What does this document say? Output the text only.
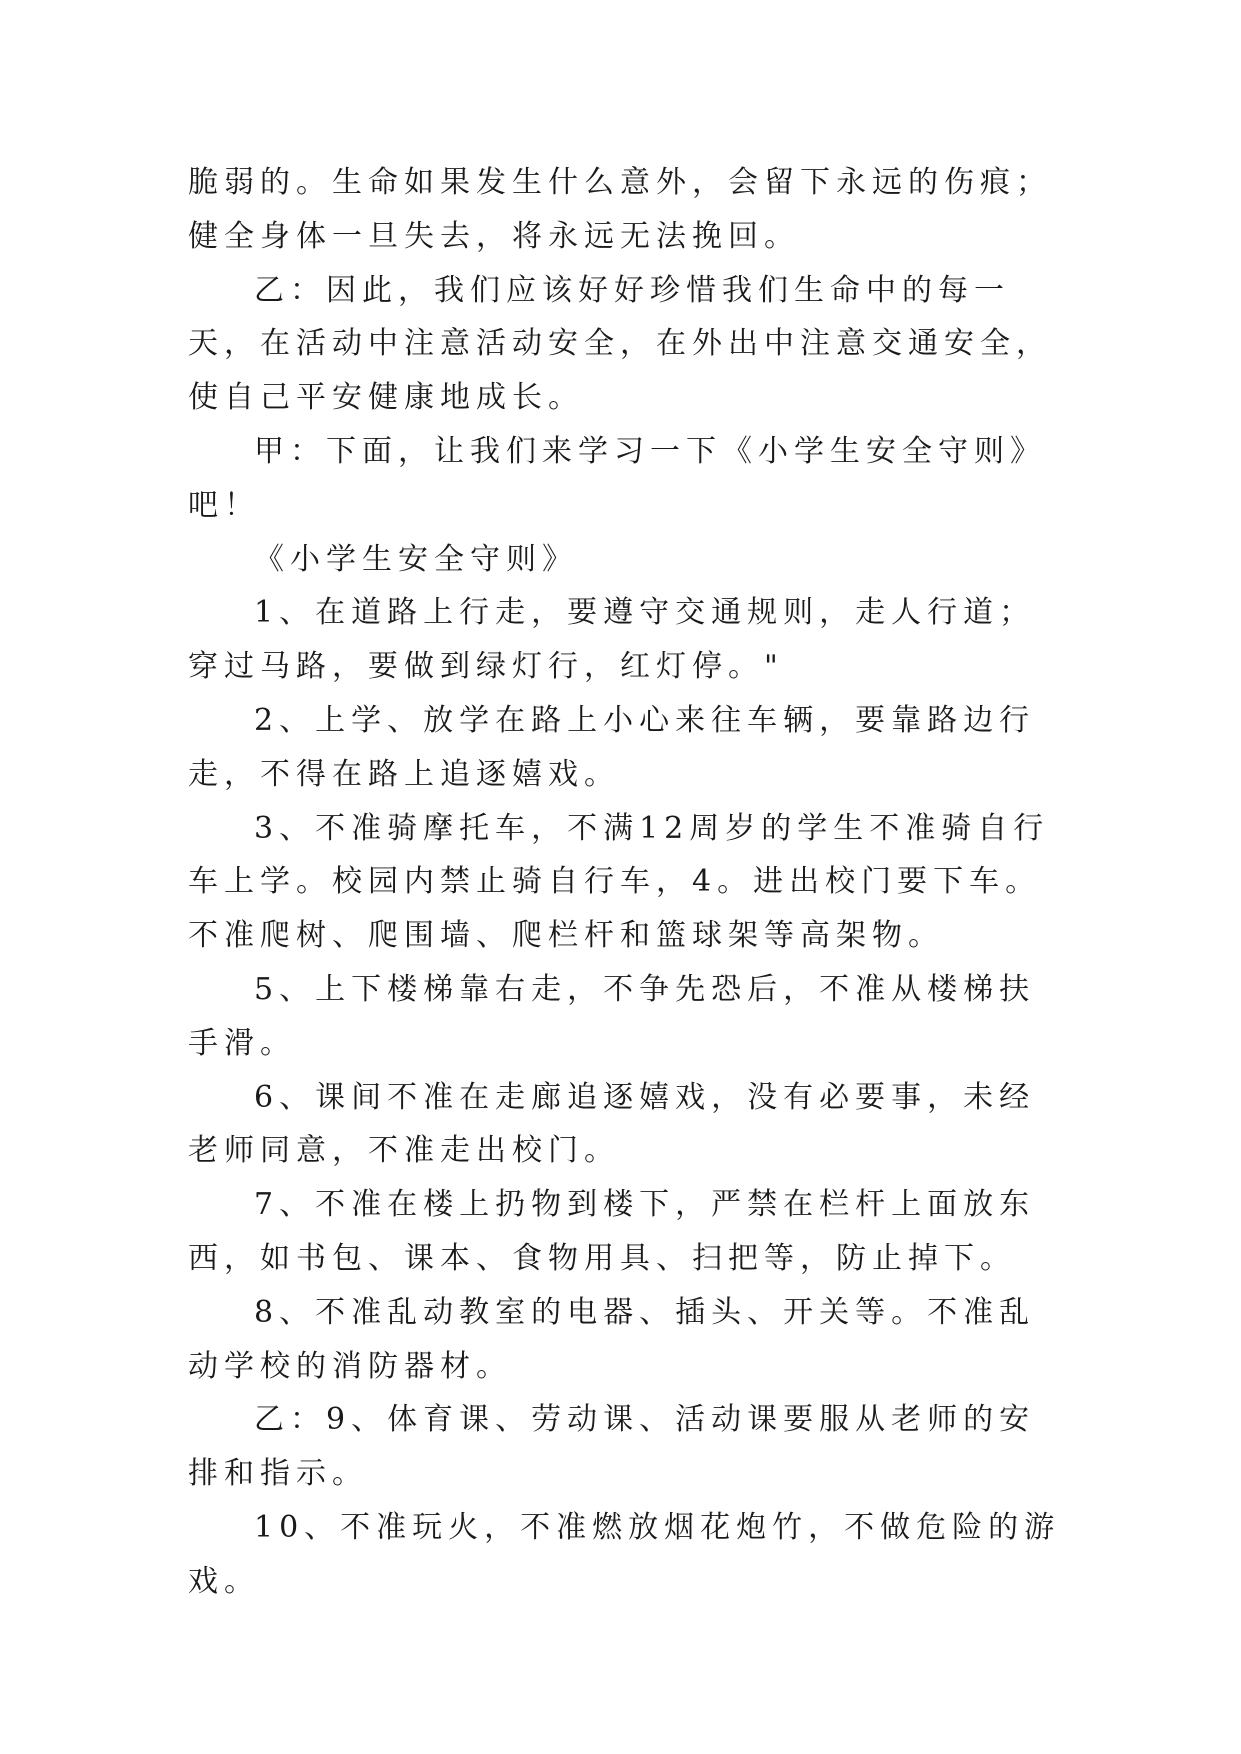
脆弱的。生命如果发生什么意外，会留下永远的伤痕；健全身体一旦失去，将永远无法挽回。

乙：因此，我们应该好好珍惜我们生命中的每一天，在活动中注意活动安全，在外出中注意交通安全，使自己平安健康地成长。

甲：下面，让我们来学习一下《小学生安全守则》吧！

《小学生安全守则》

1、在道路上行走，要遵守交通规则，走人行道；穿过马路，要做到绿灯行，红灯停。"

2、上学、放学在路上小心来往车辆，要靠路边行走，不得在路上追逐嬉戏。

3、不准骑摩托车，不满12周岁的学生不准骑自行车上学。校园内禁止骑自行车，4。进出校门要下车。不准爬树、爬围墙、爬栏杆和篮球架等高架物。

5、上下楼梯靠右走，不争先恐后，不准从楼梯扶手滑。

6、课间不准在走廊追逐嬉戏，没有必要事，未经老师同意，不准走出校门。

7、不准在楼上扔物到楼下，严禁在栏杆上面放东西，如书包、课本、食物用具、扫把等，防止掉下。

8、不准乱动教室的电器、插头、开关等。不准乱动学校的消防器材。

乙：9、体育课、劳动课、活动课要服从老师的安排和指示。

10、不准玩火，不准燃放烟花炮竹，不做危险的游戏。
